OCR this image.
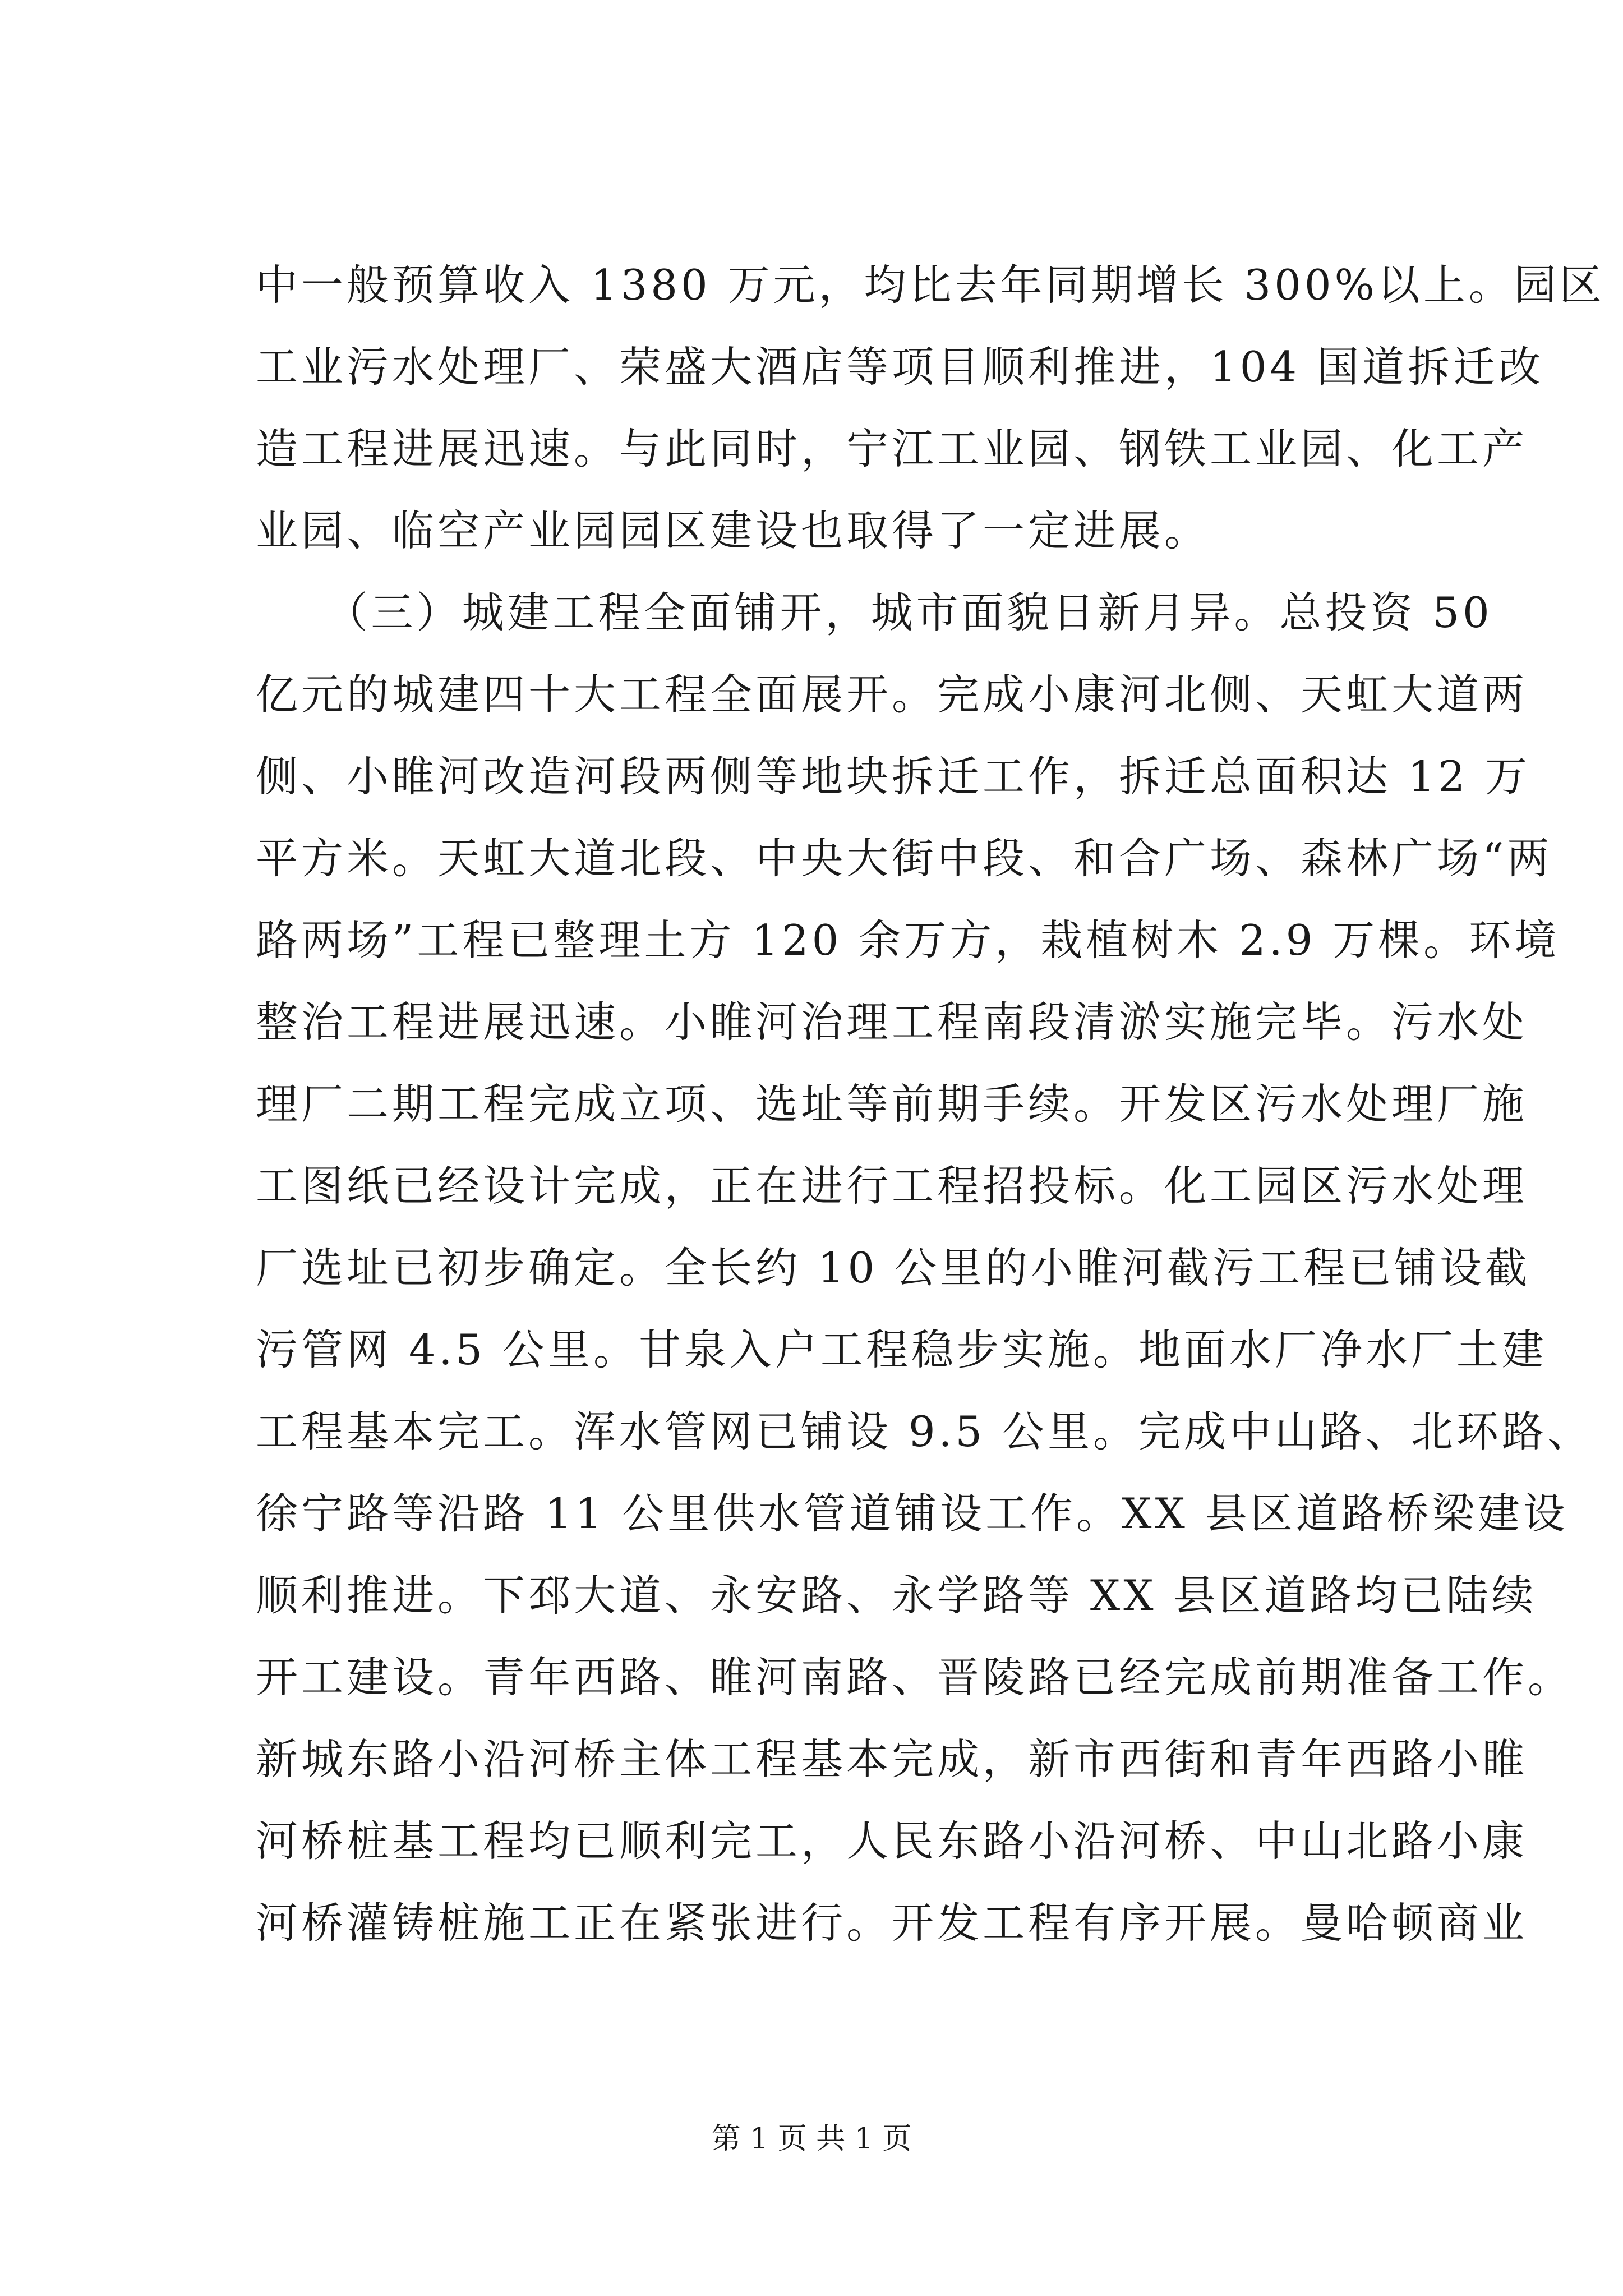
中一般预算收入 1380 万元，均比去年同期增长 300%以上。园区
工业污水处理厂、荣盛大酒店等项目顺利推进，104 国道拆迁改
造工程进展迅速。与此同时，宁江工业园、钢铁工业园、化工产
业园、临空产业园园区建设也取得了一定进展。
　　（三）城建工程全面铺开，城市面貌日新月异。总投资 50
亿元的城建四十大工程全面展开。完成小康河北侧、天虹大道两
侧、小睢河改造河段两侧等地块拆迁工作，拆迁总面积达 12 万
平方米。天虹大道北段、中央大街中段、和合广场、森林广场“两
路两场”工程已整理土方 120 余万方，栽植树木 2.9 万棵。环境
整治工程进展迅速。小睢河治理工程南段清淤实施完毕。污水处
理厂二期工程完成立项、选址等前期手续。开发区污水处理厂施
工图纸已经设计完成，正在进行工程招投标。化工园区污水处理
厂选址已初步确定。全长约 10 公里的小睢河截污工程已铺设截
污管网 4.5 公里。甘泉入户工程稳步实施。地面水厂净水厂土建
工程基本完工。浑水管网已铺设 9.5 公里。完成中山路、北环路、
徐宁路等沿路 11 公里供水管道铺设工作。XX 县区道路桥梁建设
顺利推进。下邳大道、永安路、永学路等 XX 县区道路均已陆续
开工建设。青年西路、睢河南路、晋陵路已经完成前期准备工作。
新城东路小沿河桥主体工程基本完成，新市西街和青年西路小睢
河桥桩基工程均已顺利完工，人民东路小沿河桥、中山北路小康
河桥灌铸桩施工正在紧张进行。开发工程有序开展。曼哈顿商业
第 1 页 共 1 页
